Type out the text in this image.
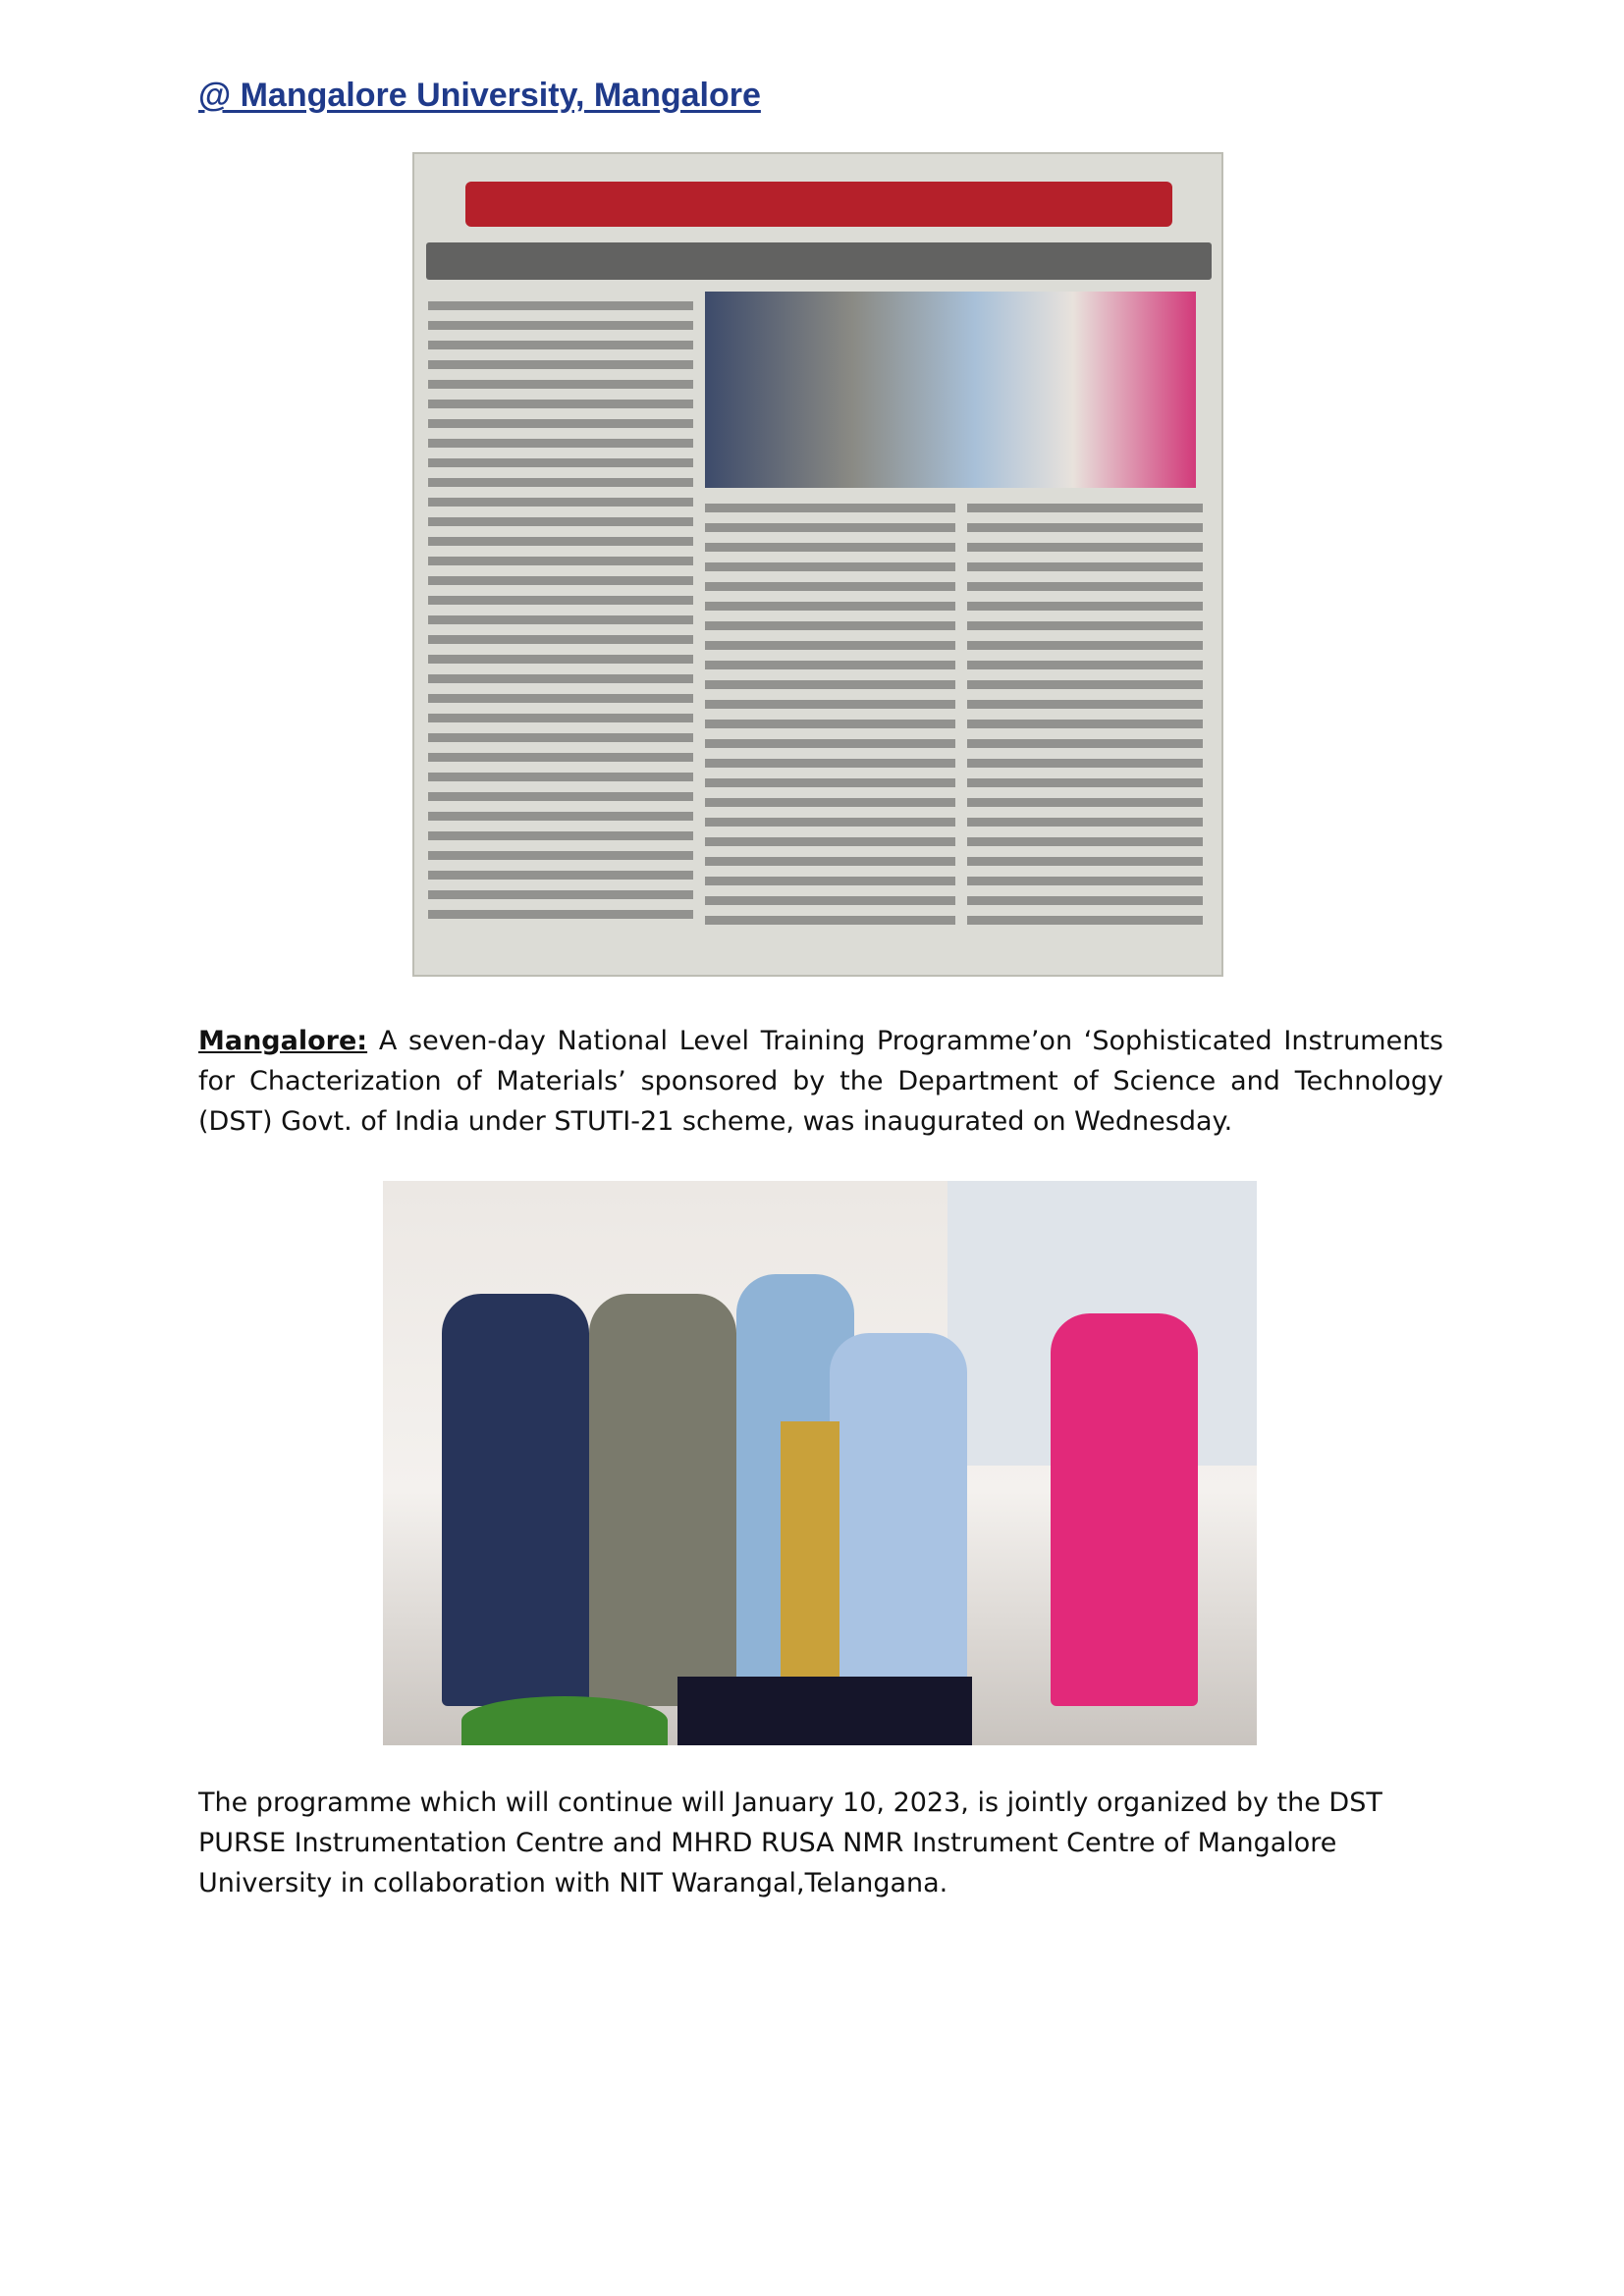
@ Mangalore University, Mangalore

Mangalore: A seven-day National Level Training Programme’on ‘Sophisticated Instruments for Chacterization of Materials’ sponsored by the Department of Science and Technology (DST) Govt. of India under STUTI-21 scheme, was inaugurated on Wednesday.

The programme which will continue will January 10, 2023, is jointly organized by the DST PURSE Instrumentation Centre and MHRD RUSA NMR Instrument Centre of Mangalore University in collaboration with NIT Warangal,Telangana.
